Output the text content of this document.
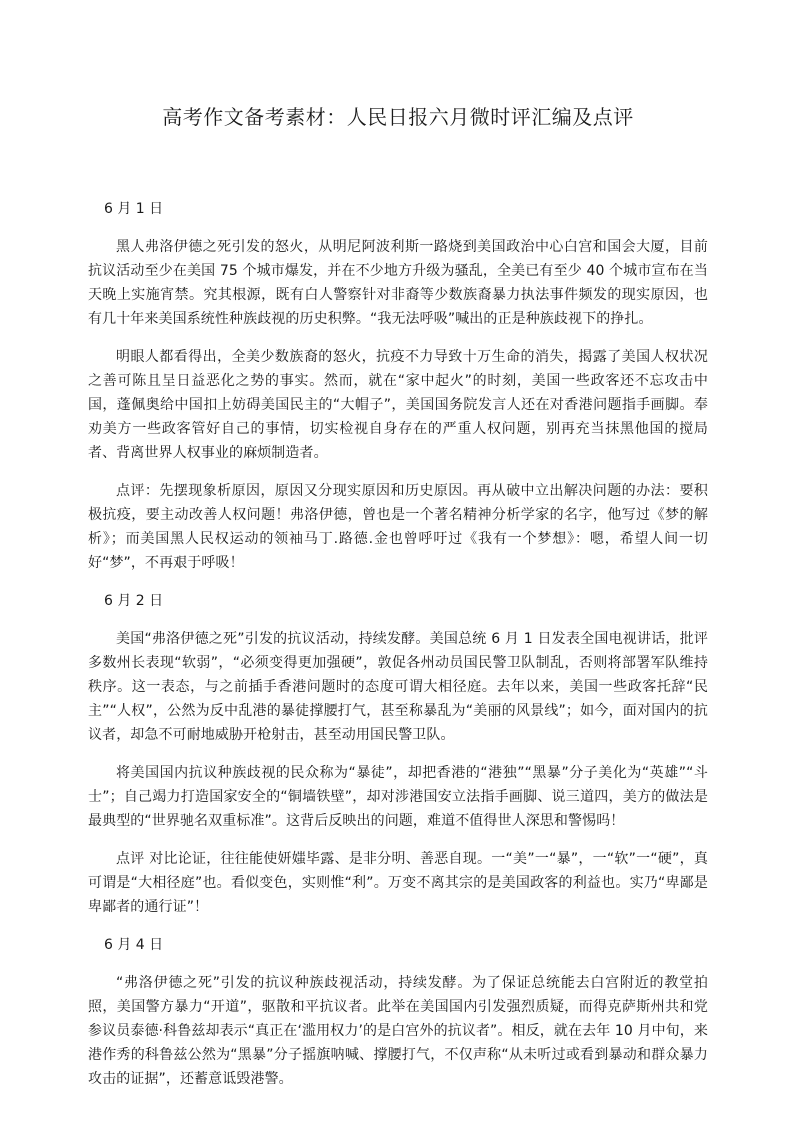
高考作文备考素材：人民日报六月微时评汇编及点评

6 月 1 日

黑人弗洛伊德之死引发的怒火，从明尼阿波利斯一路烧到美国政治中心白宫和国会大厦，目前抗议活动至少在美国 75 个城市爆发，并在不少地方升级为骚乱，全美已有至少 40 个城市宣布在当天晚上实施宵禁。究其根源，既有白人警察针对非裔等少数族裔暴力执法事件频发的现实原因，也有几十年来美国系统性种族歧视的历史积弊。“我无法呼吸”喊出的正是种族歧视下的挣扎。

明眼人都看得出，全美少数族裔的怒火，抗疫不力导致十万生命的消失，揭露了美国人权状况之善可陈且呈日益恶化之势的事实。然而，就在“家中起火”的时刻，美国一些政客还不忘攻击中国，蓬佩奥给中国扣上妨碍美国民主的“大帽子”，美国国务院发言人还在对香港问题指手画脚。奉劝美方一些政客管好自己的事情，切实检视自身存在的严重人权问题，别再充当抹黑他国的搅局者、背离世界人权事业的麻烦制造者。

点评：先摆现象析原因，原因又分现实原因和历史原因。再从破中立出解决问题的办法：要积极抗疫，要主动改善人权问题！弗洛伊德，曾也是一个著名精神分析学家的名字，他写过《梦的解析》；而美国黑人民权运动的领袖马丁.路德.金也曾呼吁过《我有一个梦想》：嗯，希望人间一切好“梦”，不再艰于呼吸！

6 月 2 日

美国“弗洛伊德之死”引发的抗议活动，持续发酵。美国总统 6 月 1 日发表全国电视讲话，批评多数州长表现“软弱”，“必须变得更加强硬”，敦促各州动员国民警卫队制乱，否则将部署军队维持秩序。这一表态，与之前插手香港问题时的态度可谓大相径庭。去年以来，美国一些政客托辞“民主”“人权”，公然为反中乱港的暴徒撑腰打气，甚至称暴乱为“美丽的风景线”；如今，面对国内的抗议者，却急不可耐地威胁开枪射击，甚至动用国民警卫队。

将美国国内抗议种族歧视的民众称为“暴徒”，却把香港的“港独”“黑暴”分子美化为“英雄”“斗士”；自己竭力打造国家安全的“铜墙铁壁”，却对涉港国安立法指手画脚、说三道四，美方的做法是最典型的“世界驰名双重标准”。这背后反映出的问题，难道不值得世人深思和警惕吗！

点评 对比论证，往往能使妍媸毕露、是非分明、善恶自现。一“美”一“暴”，一“软”一“硬”，真可谓是“大相径庭”也。看似变色，实则惟“利”。万变不离其宗的是美国政客的利益也。实乃“卑鄙是卑鄙者的通行证”！

6 月 4 日

“弗洛伊德之死”引发的抗议种族歧视活动，持续发酵。为了保证总统能去白宫附近的教堂拍照，美国警方暴力“开道”，驱散和平抗议者。此举在美国国内引发强烈质疑，而得克萨斯州共和党参议员泰德·科鲁兹却表示“真正在‘滥用权力’的是白宫外的抗议者”。相反，就在去年 10 月中旬，来港作秀的科鲁兹公然为“黑暴”分子摇旗呐喊、撑腰打气，不仅声称“从未听过或看到暴动和群众暴力攻击的证据”，还蓄意诋毁港警。
